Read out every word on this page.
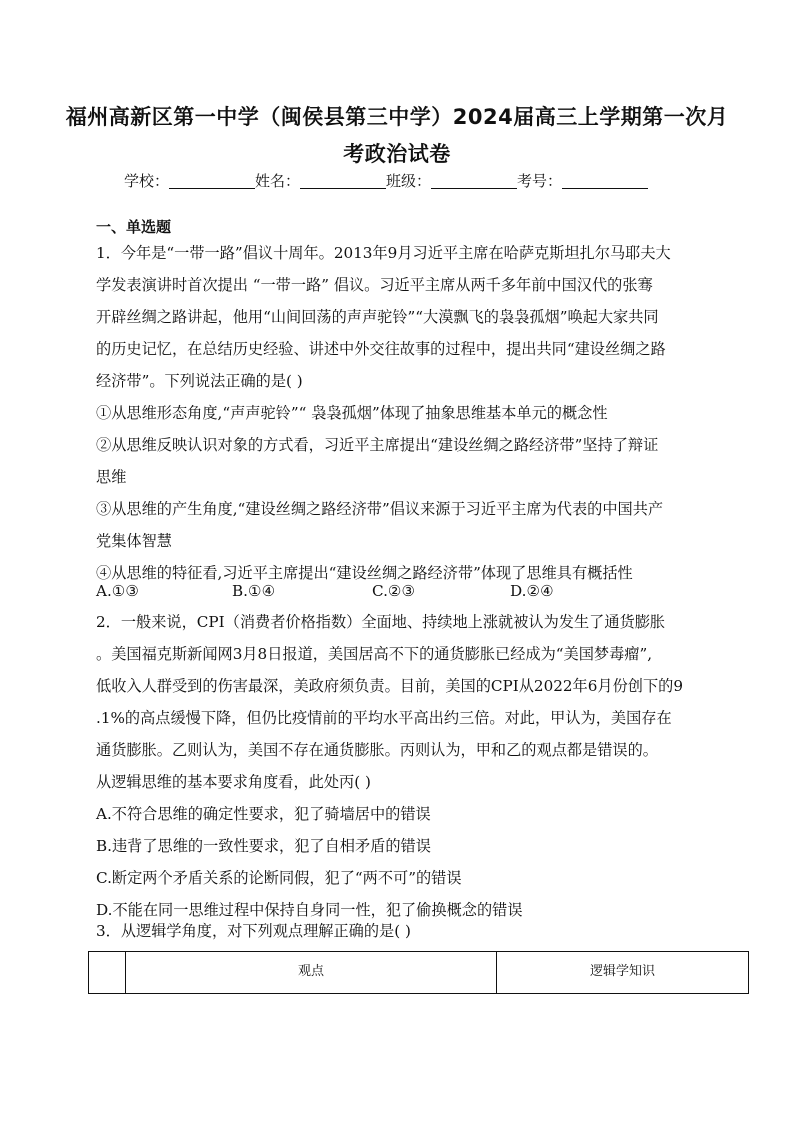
福州高新区第一中学（闽侯县第三中学）2024届高三上学期第一次月
考政治试卷
学校：	姓名：	班级：	考号：
一、单选题
1．今年是“一带一路”倡议十周年。2013年9月习近平主席在哈萨克斯坦扎尔马耶夫大
学发表演讲时首次提出 “一带一路” 倡议。习近平主席从两千多年前中国汉代的张骞
开辟丝绸之路讲起，他用“山间回荡的声声驼铃”“大漠飘飞的袅袅孤烟”唤起大家共同
的历史记忆，在总结历史经验、讲述中外交往故事的过程中，提出共同“建设丝绸之路
经济带”。下列说法正确的是( )
①从思维形态角度,“声声驼铃”“ 袅袅孤烟”体现了抽象思维基本单元的概念性
②从思维反映认识对象的方式看，习近平主席提出“建设丝绸之路经济带”坚持了辩证
思维
③从思维的产生角度,“建设丝绸之路经济带”倡议来源于习近平主席为代表的中国共产
党集体智慧
④从思维的特征看,习近平主席提出“建设丝绸之路经济带”体现了思维具有概括性
A.①③	B.①④	C.②③	D.②④
2．一般来说，CPI（消费者价格指数）全面地、持续地上涨就被认为发生了通货膨胀
。美国福克斯新闻网3月8日报道，美国居高不下的通货膨胀已经成为“美国梦毒瘤”,
低收入人群受到的伤害最深，美政府须负责。目前，美国的CPI从2022年6月份创下的9
.1%的高点缓慢下降，但仍比疫情前的平均水平高出约三倍。对此，甲认为，美国存在
通货膨胀。乙则认为，美国不存在通货膨胀。丙则认为，甲和乙的观点都是错误的。
从逻辑思维的基本要求角度看，此处丙( )
A.不符合思维的确定性要求，犯了骑墙居中的错误
B.违背了思维的一致性要求，犯了自相矛盾的错误
C.断定两个矛盾关系的论断同假，犯了“两不可”的错误
D.不能在同一思维过程中保持自身同一性，犯了偷换概念的错误
3．从逻辑学角度，对下列观点理解正确的是( )
	观点	逻辑学知识
